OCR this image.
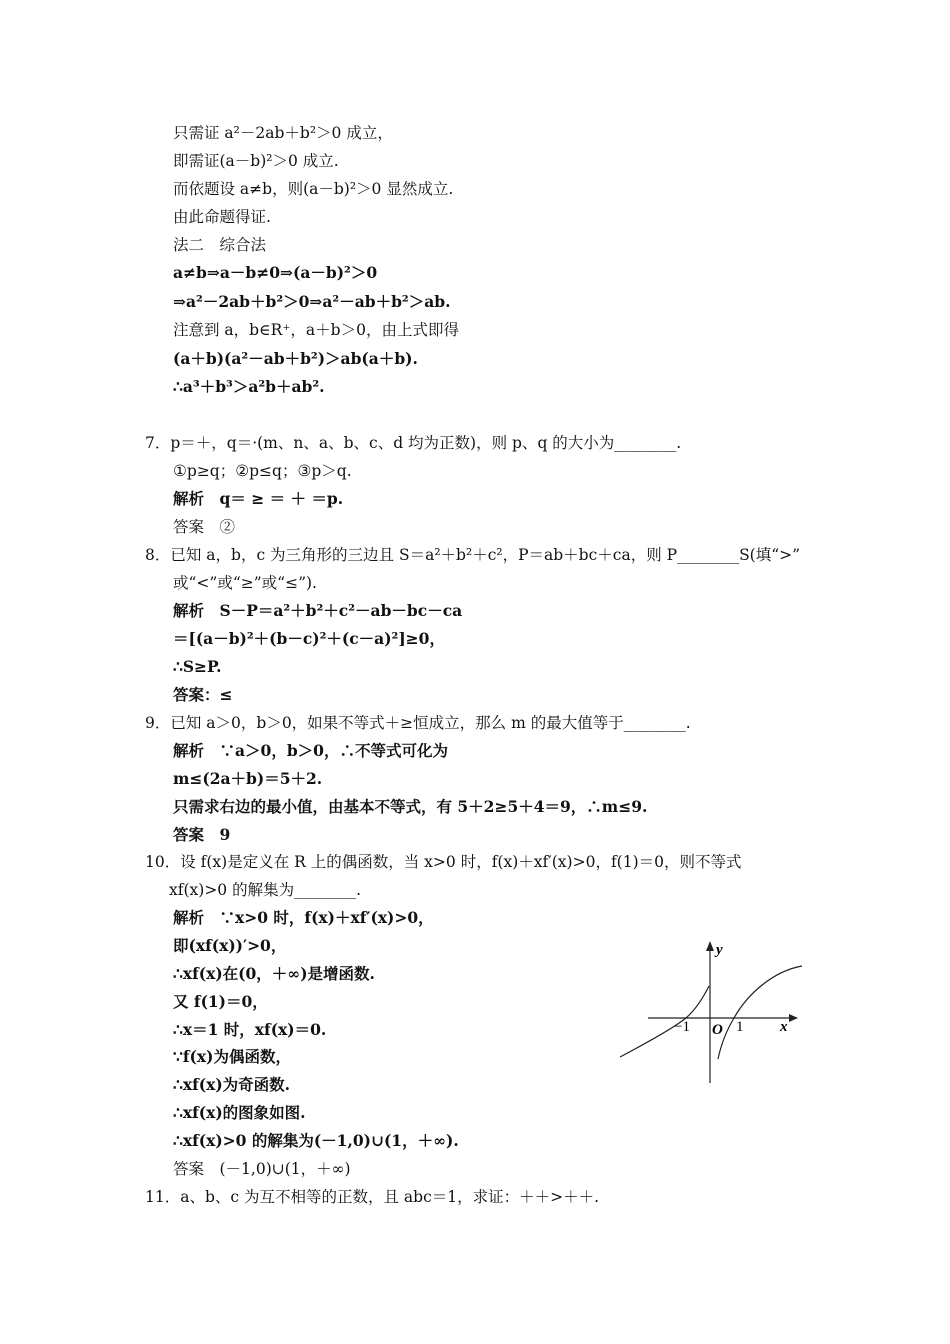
只需证 a²－2ab＋b²＞0 成立，
即需证(a－b)²＞0 成立.
而依题设 a≠b，则(a－b)²＞0 显然成立.
由此命题得证.
法二　综合法
a≠b⇒a－b≠0⇒(a－b)²＞0
⇒a²－2ab＋b²＞0⇒a²－ab＋b²＞ab.
注意到 a，b∈R⁺，a＋b＞0，由上式即得
(a＋b)(a²－ab＋b²)＞ab(a＋b).
∴a³＋b³＞a²b＋ab².
7．p＝＋，q＝·(m、n、a、b、c、d 均为正数)，则 p、q 的大小为________.
①p≥q；②p≤q；③p＞q.
解析　q＝ ≥ ＝ ＋ ＝p.
答案　②
8．已知 a，b，c 为三角形的三边且 S＝a²＋b²＋c²，P＝ab＋bc＋ca，则 P________S(填“>”
或“<”或“≥”或“≤”).
解析　S－P＝a²＋b²＋c²－ab－bc－ca
＝[(a－b)²＋(b－c)²＋(c－a)²]≥0，
∴S≥P.
答案：≤
9．已知 a＞0，b＞0，如果不等式＋≥恒成立，那么 m 的最大值等于________.
解析　∵a＞0，b＞0，∴不等式可化为
m≤(2a＋b)＝5＋2.
只需求右边的最小值，由基本不等式，有 5＋2≥5＋4＝9，∴m≤9.
答案　9
10．设 f(x)是定义在 R 上的偶函数，当 x>0 时，f(x)＋xf′(x)>0，f(1)＝0，则不等式
xf(x)>0 的解集为________.
解析　∵x>0 时，f(x)＋xf′(x)>0，
即(xf(x))′>0，
∴xf(x)在(0，＋∞)是增函数.
又 f(1)＝0，
∴x＝1 时，xf(x)＝0.
∵f(x)为偶函数，
∴xf(x)为奇函数.
∴xf(x)的图象如图.
∴xf(x)>0 的解集为(－1,0)∪(1，＋∞).
答案　(－1,0)∪(1，＋∞)
11．a、b、c 为互不相等的正数，且 abc＝1，求证：＋＋>＋＋.
y
x
O
−1	1
